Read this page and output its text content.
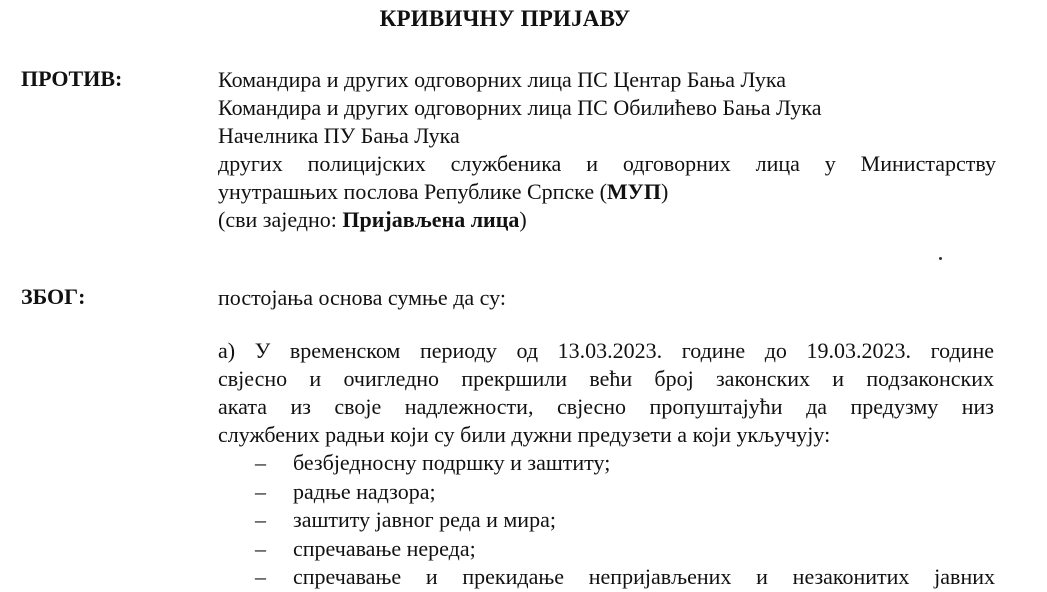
КРИВИЧНУ ПРИЈАВУ
ПРОТИВ:	Командира и других одговорних лица ПС Центар Бања Лука
Командира и других одговорних лица ПС Обилићево Бања Лука
Начелника ПУ Бања Лука
других полицијских службеника и одговорних лица у Министарству
унутрашњих послова Републике Српске (МУП)
(сви заједно: Пријављена лица)
ЗБОГ:	постојања основа сумње да су:
а) У временском периоду од 13.03.2023. године до 19.03.2023. године
свјесно и очигледно прекршили већи број законских и подзаконских
аката из своје надлежности, свјесно пропуштајући да предузму низ
службених радњи који су били дужни предузети а који укључују:
– безбједносну подршку и заштиту;
– радње надзора;
– заштиту јавног реда и мира;
– спречавање нереда;
– спречавање и прекидање непријављених и незаконитих јавних
